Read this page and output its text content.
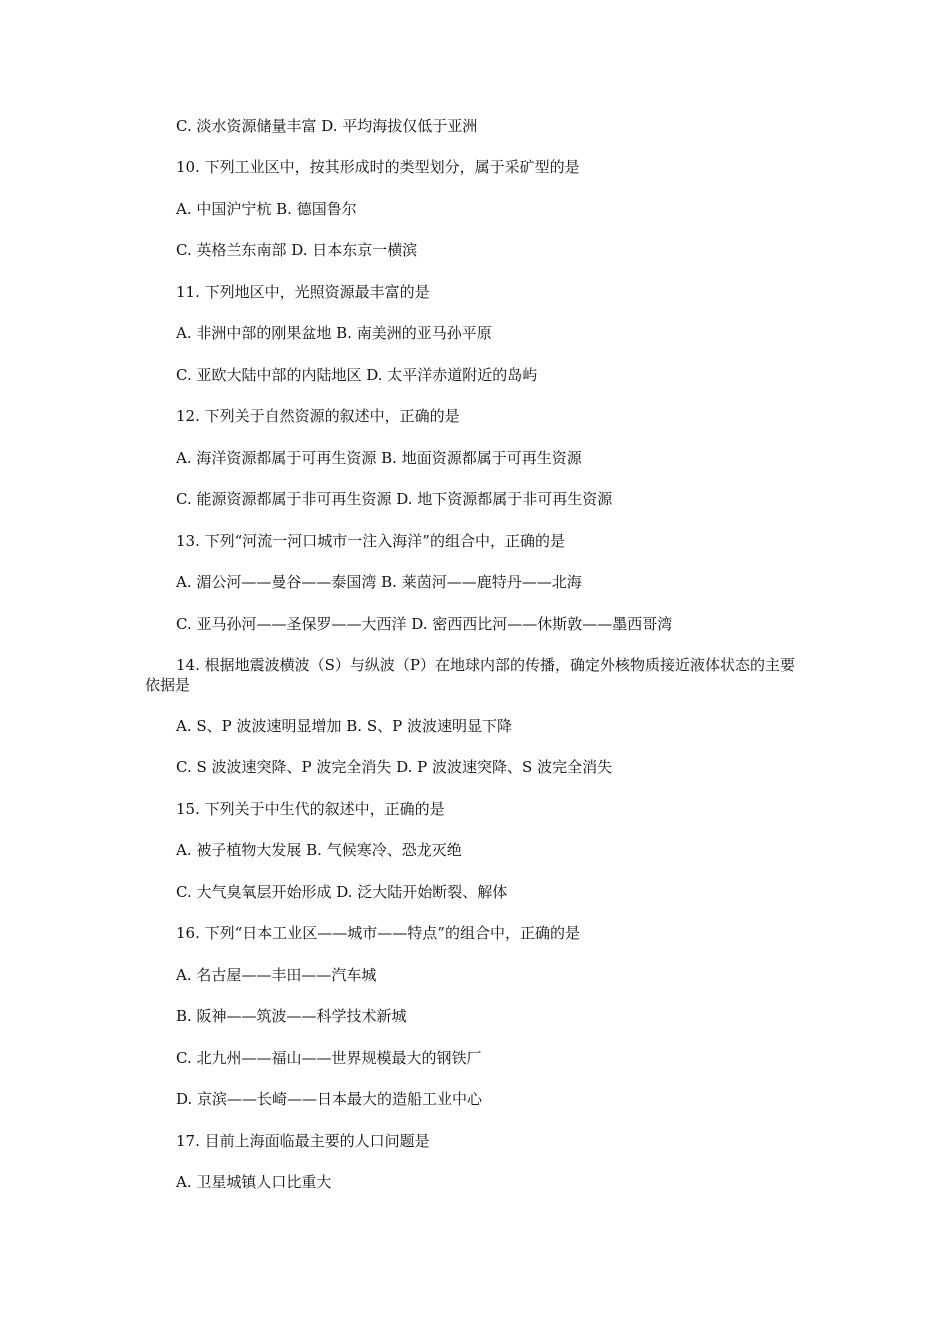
C. 淡水资源储量丰富 D. 平均海拔仅低于亚洲
10. 下列工业区中，按其形成时的类型划分，属于采矿型的是
A. 中国沪宁杭 B. 德国鲁尔
C. 英格兰东南部 D. 日本东京一横滨
11. 下列地区中，光照资源最丰富的是
A. 非洲中部的刚果盆地 B. 南美洲的亚马孙平原
C. 亚欧大陆中部的内陆地区 D. 太平洋赤道附近的岛屿
12. 下列关于自然资源的叙述中，正确的是
A. 海洋资源都属于可再生资源 B. 地面资源都属于可再生资源
C. 能源资源都属于非可再生资源 D. 地下资源都属于非可再生资源
13. 下列“河流一河口城市一注入海洋”的组合中，正确的是
A. 湄公河——曼谷——泰国湾 B. 莱茵河——鹿特丹——北海
C. 亚马孙河——圣保罗——大西洋 D. 密西西比河——休斯敦——墨西哥湾
14. 根据地震波横波（S）与纵波（P）在地球内部的传播，确定外核物质接近液体状态的主要依据是
A. S、P 波波速明显增加 B. S、P 波波速明显下降
C. S 波波速突降、P 波完全消失 D. P 波波速突降、S 波完全消失
15. 下列关于中生代的叙述中，正确的是
A. 被子植物大发展 B. 气候寒冷、恐龙灭绝
C. 大气臭氧层开始形成 D. 泛大陆开始断裂、解体
16. 下列“日本工业区——城市——特点”的组合中，正确的是
A. 名古屋——丰田——汽车城
B. 阪神——筑波——科学技术新城
C. 北九州——福山——世界规模最大的钢铁厂
D. 京滨——长崎——日本最大的造船工业中心
17. 目前上海面临最主要的人口问题是
A. 卫星城镇人口比重大
